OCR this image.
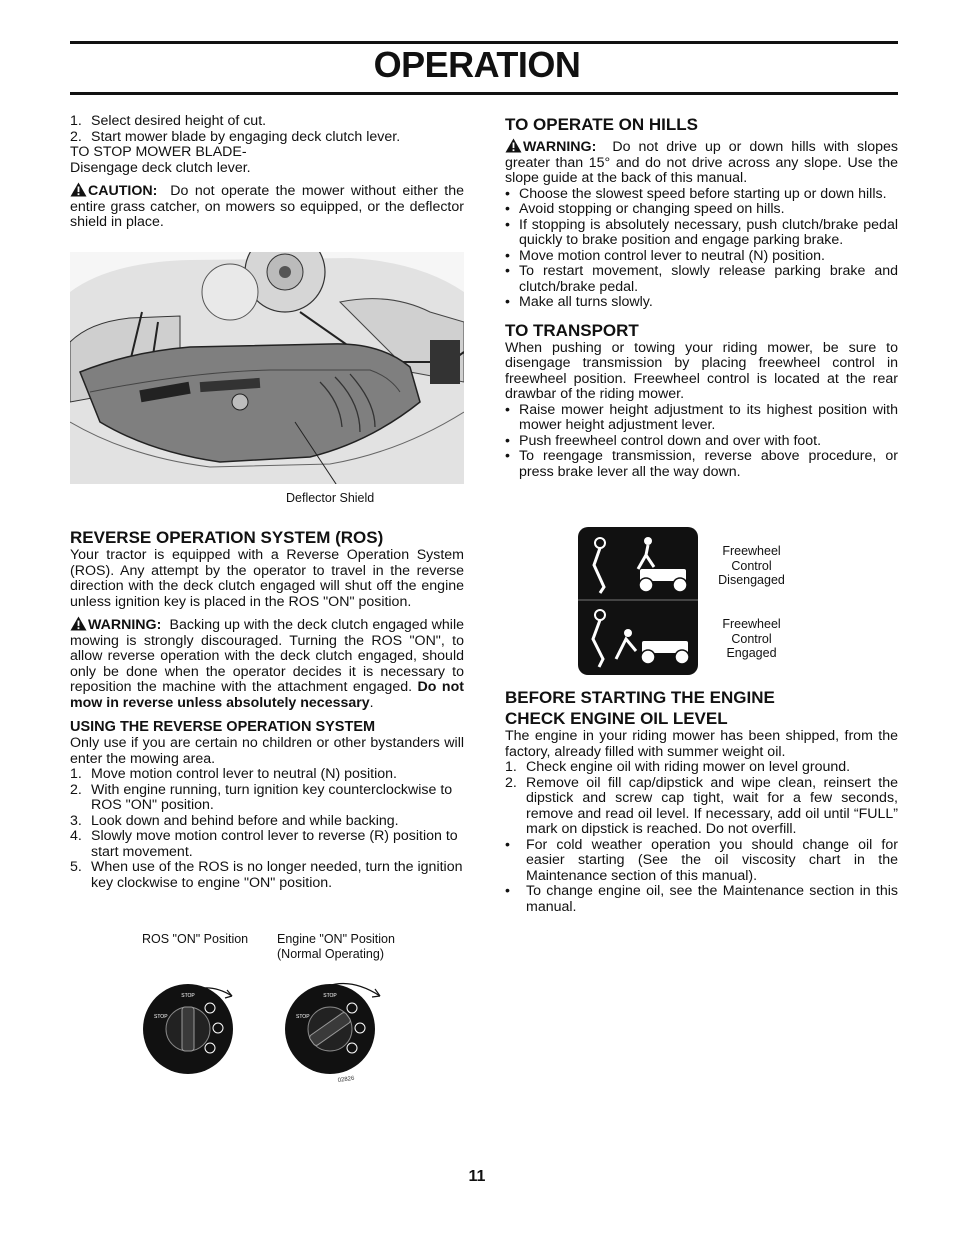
OPERATION
1. Select desired height of cut.
2. Start mower blade by engaging deck clutch lever.

TO STOP MOWER BLADE-

Disengage deck clutch lever.

CAUTION: Do not operate the mower without either the entire grass catcher, on mowers so equipped, or the deflector shield in place.

Deflector Shield
REVERSE OPERATION SYSTEM (ROS)

Your tractor is equipped with a Reverse Operation System (ROS). Any attempt by the operator to travel in the reverse direction with the deck clutch engaged will shut off the engine unless ignition key is placed in the ROS "ON" position.

WARNING: Backing up with the deck clutch engaged while mowing is strongly discouraged. Turning the ROS "ON", to allow reverse operation with the deck clutch engaged, should only be done when the operator decides it is necessary to reposition the machine with the attachment engaged. Do not mow in reverse unless absolutely necessary.

USING THE REVERSE OPERATION SYSTEM

Only use if you are certain no children or other bystanders will enter the mowing area.

1. Move motion control lever to neutral (N) position.
2. With engine running, turn ignition key counterclockwise to ROS "ON" position.
3. Look down and behind before and while backing.
4. Slowly move motion control lever to reverse (R) position to start movement.
5. When use of the ROS is no longer needed, turn the ignition key clockwise to engine "ON" position.
ROS "ON" Position Engine "ON" Position
(Normal Operating)
STOP
STOP
STOP
STOP
02826
TO OPERATE ON HILLS

WARNING: Do not drive up or down hills with slopes greater than 15° and do not drive across any slope. Use the slope guide at the back of this manual.

• Choose the slowest speed before starting up or down hills.
• Avoid stopping or changing speed on hills.
• If stopping is absolutely necessary, push clutch/brake pedal quickly to brake position and engage parking brake.
• Move motion control lever to neutral (N) position.
• To restart movement, slowly release parking brake and clutch/brake pedal.
• Make all turns slowly.
TO TRANSPORT

When pushing or towing your riding mower, be sure to disengage transmission by placing freewheel control in freewheel position. Freewheel control is located at the rear drawbar of the riding mower.

• Raise mower height adjustment to its highest position with mower height adjustment lever.
• Push freewheel control down and over with foot.
• To reengage transmission, reverse above procedure, or press brake lever all the way down.
Freewheel
Control
Disengaged
Freewheel
Control
Engaged
BEFORE STARTING THE ENGINE
CHECK ENGINE OIL LEVEL

The engine in your riding mower has been shipped, from the factory, already filled with summer weight oil.

1. Check engine oil with riding mower on level ground.
2. Remove oil fill cap/dipstick and wipe clean, reinsert the dipstick and screw cap tight, wait for a few seconds, remove and read oil level. If necessary, add oil until “FULL” mark on dipstick is reached. Do not overfill.
•	For cold weather operation you should change oil for easier starting (See the oil viscosity chart in the Maintenance section of this manual).
•	To change engine oil, see the Maintenance section in this manual.
11
